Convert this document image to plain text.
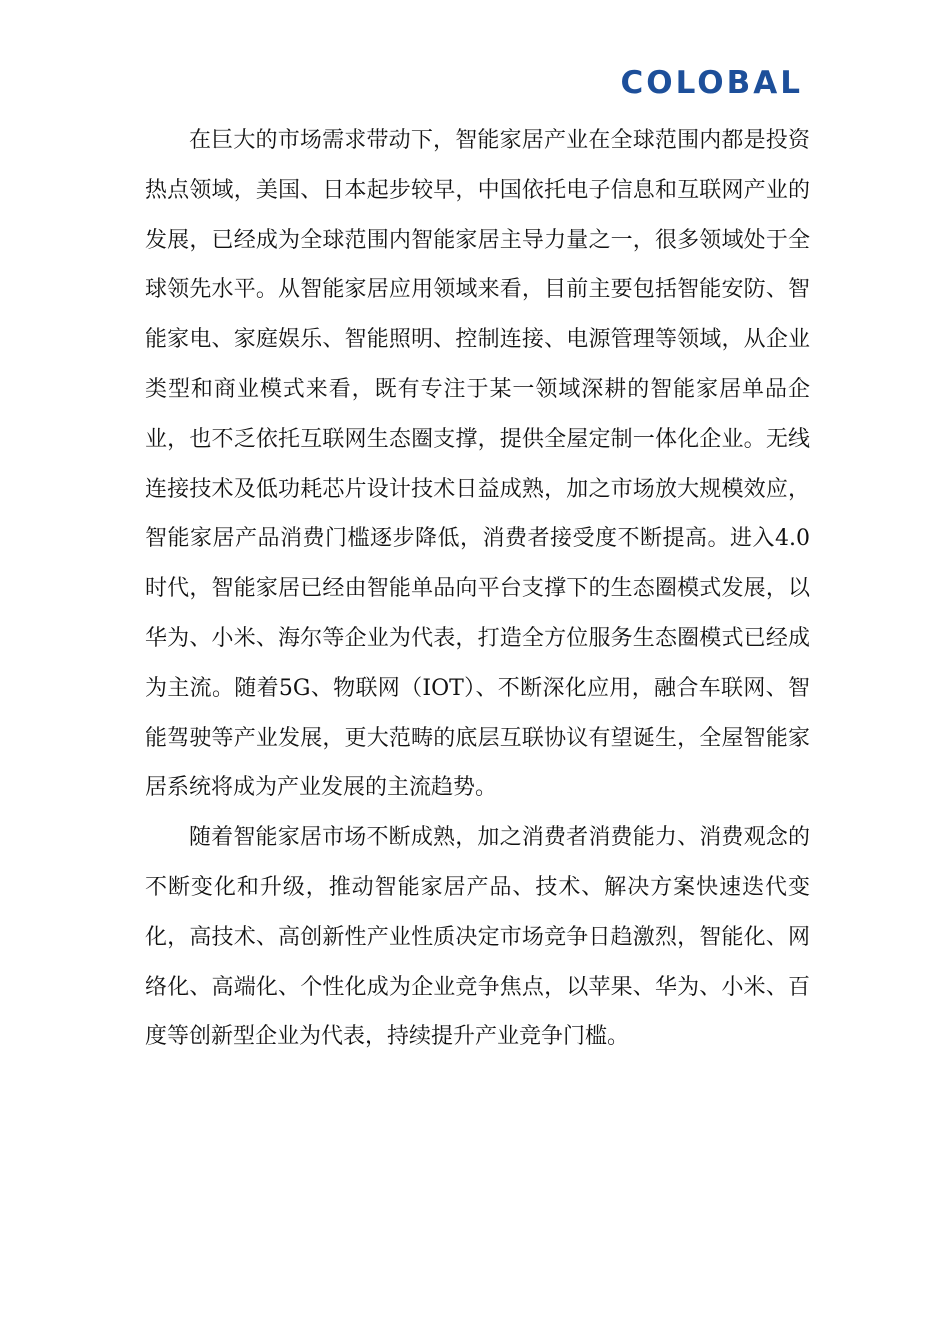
COLOBAL

在巨大的市场需求带动下，智能家居产业在全球范围内都是投资热点领域，美国、日本起步较早，中国依托电子信息和互联网产业的发展，已经成为全球范围内智能家居主导力量之一，很多领域处于全球领先水平。从智能家居应用领域来看，目前主要包括智能安防、智能家电、家庭娱乐、智能照明、控制连接、电源管理等领域，从企业类型和商业模式来看，既有专注于某一领域深耕的智能家居单品企业，也不乏依托互联网生态圈支撑，提供全屋定制一体化企业。无线连接技术及低功耗芯片设计技术日益成熟，加之市场放大规模效应，智能家居产品消费门槛逐步降低，消费者接受度不断提高。进入4.0时代，智能家居已经由智能单品向平台支撑下的生态圈模式发展，以华为、小米、海尔等企业为代表，打造全方位服务生态圈模式已经成为主流。随着5G、物联网（IOT）、不断深化应用，融合车联网、智能驾驶等产业发展，更大范畴的底层互联协议有望诞生，全屋智能家居系统将成为产业发展的主流趋势。

随着智能家居市场不断成熟，加之消费者消费能力、消费观念的不断变化和升级，推动智能家居产品、技术、解决方案快速迭代变化，高技术、高创新性产业性质决定市场竞争日趋激烈，智能化、网络化、高端化、个性化成为企业竞争焦点，以苹果、华为、小米、百度等创新型企业为代表，持续提升产业竞争门槛。
